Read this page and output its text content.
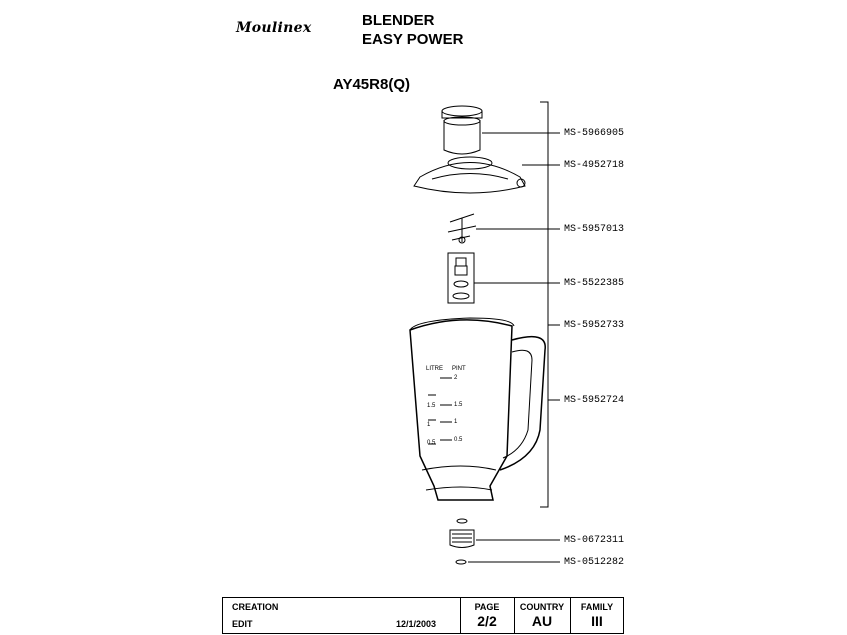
Moulinex	BLENDER
EASY POWER
AY45R8(Q)
LITRE PINT
2
1.5
1
0.5
1.5
1
0.5
MS-5966905
MS-4952718
MS-5957013
MS-5522385
MS-5952733
MS-5952724
MS-0672311
MS-0512282
CREATION
EDIT	12/1/2003
PAGE
2/2
COUNTRY
AU
FAMILY
III
